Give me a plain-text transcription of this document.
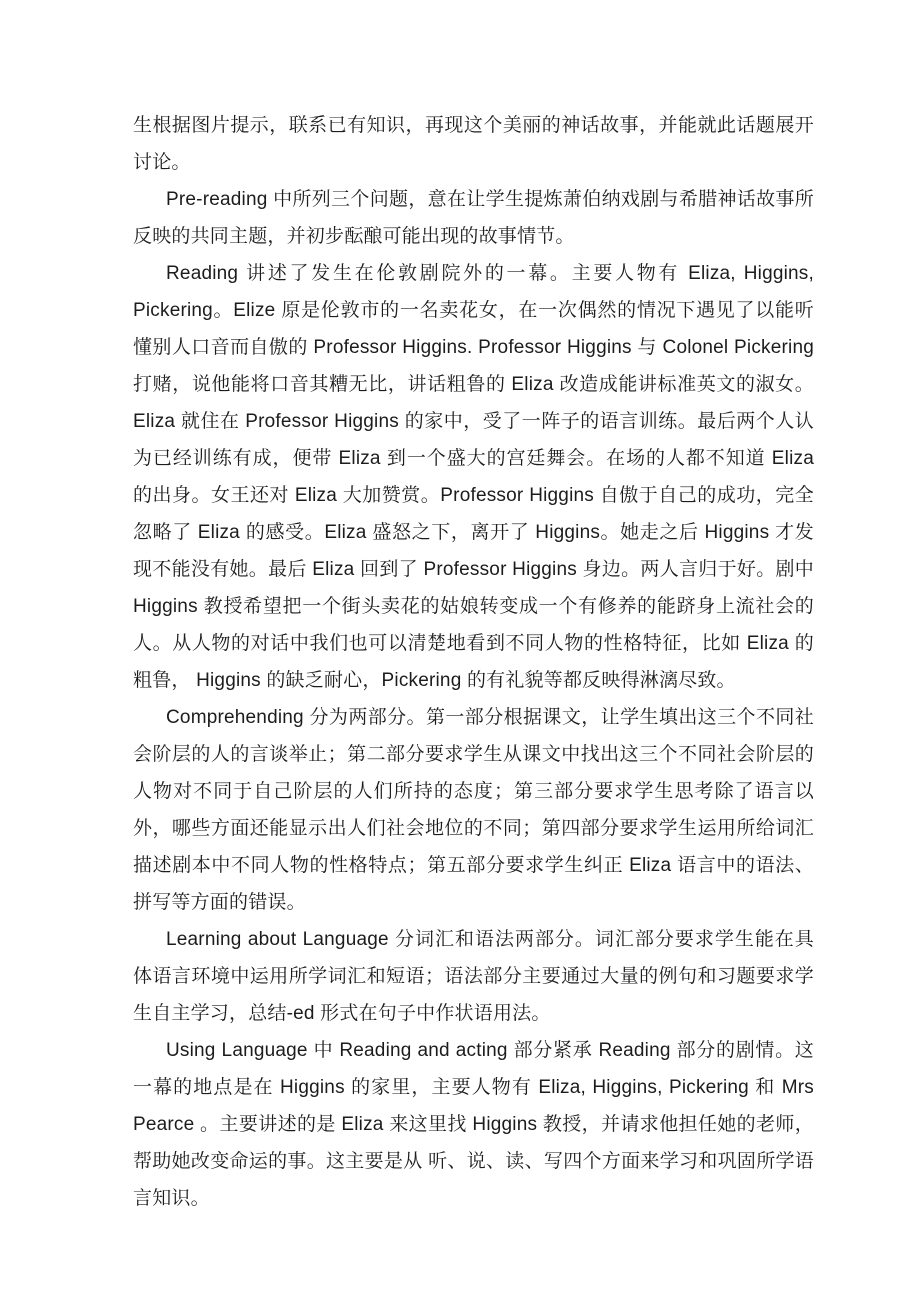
生根据图片提示，联系已有知识，再现这个美丽的神话故事，并能就此话题展开讨论。

Pre-reading 中所列三个问题，意在让学生提炼萧伯纳戏剧与希腊神话故事所反映的共同主题，并初步酝酿可能出现的故事情节。

Reading 讲述了发生在伦敦剧院外的一幕。主要人物有 Eliza, Higgins, Pickering。Elize 原是伦敦市的一名卖花女，在一次偶然的情况下遇见了以能听懂别人口音而自傲的 Professor Higgins. Professor Higgins 与 Colonel Pickering 打赌，说他能将口音其糟无比，讲话粗鲁的 Eliza 改造成能讲标准英文的淑女。Eliza 就住在 Professor Higgins 的家中，受了一阵子的语言训练。最后两个人认为已经训练有成，便带 Eliza 到一个盛大的宫廷舞会。在场的人都不知道 Eliza 的出身。女王还对 Eliza 大加赞赏。Professor Higgins 自傲于自己的成功，完全忽略了 Eliza 的感受。Eliza 盛怒之下，离开了 Higgins。她走之后 Higgins 才发现不能没有她。最后 Eliza 回到了 Professor Higgins 身边。两人言归于好。剧中 Higgins 教授希望把一个街头卖花的姑娘转变成一个有修养的能跻身上流社会的人。从人物的对话中我们也可以清楚地看到不同人物的性格特征，比如 Eliza 的粗鲁， Higgins 的缺乏耐心，Pickering 的有礼貌等都反映得淋漓尽致。

Comprehending 分为两部分。第一部分根据课文，让学生填出这三个不同社会阶层的人的言谈举止；第二部分要求学生从课文中找出这三个不同社会阶层的人物对不同于自己阶层的人们所持的态度；第三部分要求学生思考除了语言以外，哪些方面还能显示出人们社会地位的不同；第四部分要求学生运用所给词汇描述剧本中不同人物的性格特点；第五部分要求学生纠正 Eliza 语言中的语法、拼写等方面的错误。

Learning about Language 分词汇和语法两部分。词汇部分要求学生能在具体语言环境中运用所学词汇和短语；语法部分主要通过大量的例句和习题要求学生自主学习，总结-ed 形式在句子中作状语用法。

Using Language 中 Reading and acting 部分紧承 Reading 部分的剧情。这一幕的地点是在 Higgins 的家里，主要人物有 Eliza, Higgins, Pickering 和 Mrs Pearce 。主要讲述的是 Eliza 来这里找 Higgins 教授，并请求他担任她的老师，帮助她改变命运的事。这主要是从 听、说、读、写四个方面来学习和巩固所学语言知识。
